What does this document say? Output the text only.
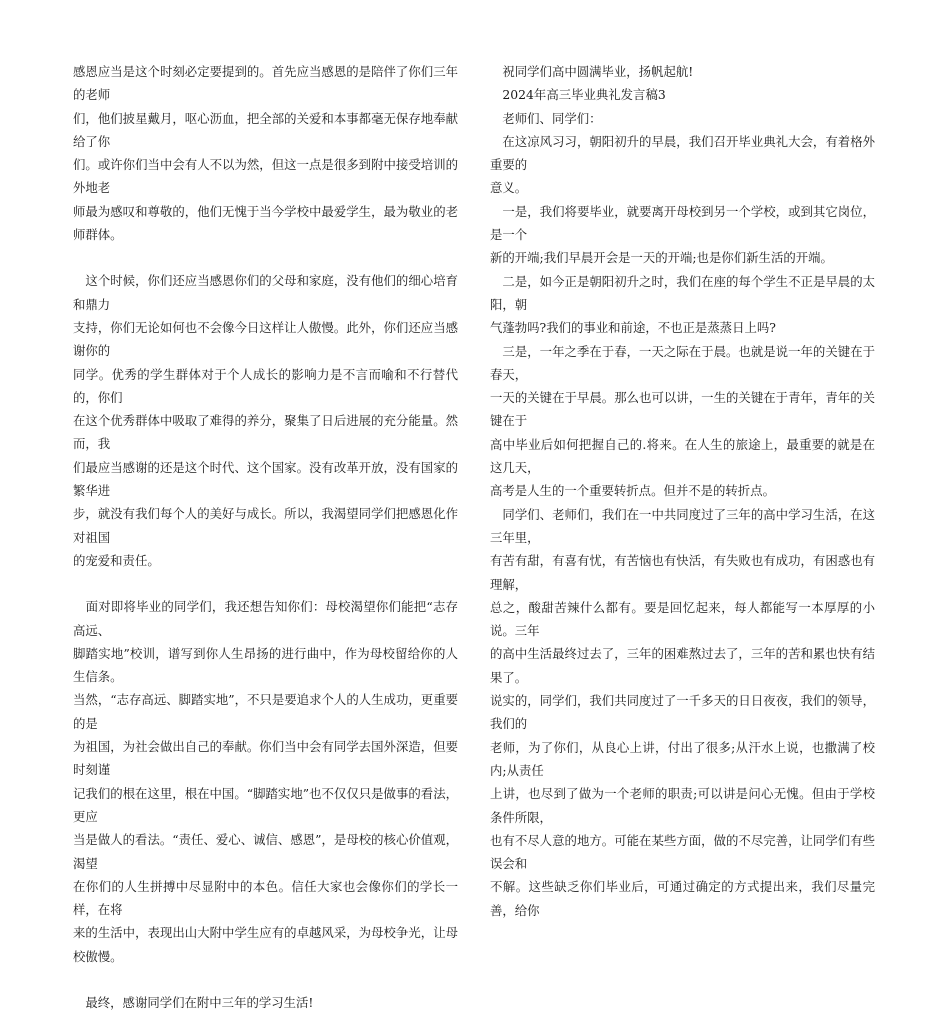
感恩应当是这个时刻必定要提到的。首先应当感恩的是陪伴了你们三年的老师
们，他们披星戴月，呕心沥血，把全部的关爱和本事都毫无保存地奉献给了你
们。或许你们当中会有人不以为然，但这一点是很多到附中接受培训的外地老
师最为感叹和尊敬的，他们无愧于当今学校中最爱学生，最为敬业的老师群体。
　这个时候，你们还应当感恩你们的父母和家庭，没有他们的细心培育和鼎力
支持，你们无论如何也不会像今日这样让人傲慢。此外，你们还应当感谢你的
同学。优秀的学生群体对于个人成长的影响力是不言而喻和不行替代的，你们
在这个优秀群体中吸取了难得的养分，聚集了日后进展的充分能量。然而，我
们最应当感谢的还是这个时代、这个国家。没有改革开放，没有国家的繁华进
步，就没有我们每个人的美好与成长。所以，我渴望同学们把感恩化作对祖国
的宠爱和责任。
　面对即将毕业的同学们，我还想告知你们：母校渴望你们能把“志存高远、
脚踏实地”校训，谱写到你人生昂扬的进行曲中，作为母校留给你的人生信条。
当然，“志存高远、脚踏实地”，不只是要追求个人的人生成功，更重要的是
为祖国，为社会做出自己的奉献。你们当中会有同学去国外深造，但要时刻谨
记我们的根在这里，根在中国。“脚踏实地”也不仅仅只是做事的看法，更应
当是做人的看法。“责任、爱心、诚信、感恩”，是母校的核心价值观，渴望
在你们的人生拼搏中尽显附中的本色。信任大家也会像你们的学长一样，在将
来的生活中，表现出山大附中学生应有的卓越风采，为母校争光，让母校傲慢。
　最终，感谢同学们在附中三年的学习生活!
　祝同学们高中圆满毕业，扬帆起航!
　2024年高三毕业典礼发言稿3
　老师们、同学们：
　在这凉风习习，朝阳初升的早晨，我们召开毕业典礼大会，有着格外重要的
意义。
　一是，我们将要毕业，就要离开母校到另一个学校，或到其它岗位，是一个
新的开端;我们早晨开会是一天的开端;也是你们新生活的开端。
　二是，如今正是朝阳初升之时，我们在座的每个学生不正是早晨的太阳，朝
气蓬勃吗?我们的事业和前途，不也正是蒸蒸日上吗?
　三是，一年之季在于春，一天之际在于晨。也就是说一年的关键在于春天，
一天的关键在于早晨。那么也可以讲，一生的关键在于青年，青年的关键在于
高中毕业后如何把握自己的.将来。在人生的旅途上，最重要的就是在这几天，
高考是人生的一个重要转折点。但并不是的转折点。
　同学们、老师们，我们在一中共同度过了三年的高中学习生活，在这三年里，
有苦有甜，有喜有忧，有苦恼也有快活，有失败也有成功，有困惑也有理解，
总之，酸甜苦辣什么都有。要是回忆起来，每人都能写一本厚厚的小说。三年
的高中生活最终过去了，三年的困难熬过去了，三年的苦和累也快有结果了。
说实的，同学们，我们共同度过了一千多天的日日夜夜，我们的领导，我们的
老师，为了你们，从良心上讲，付出了很多;从汗水上说，也撒满了校内;从责任
上讲，也尽到了做为一个老师的职责;可以讲是问心无愧。但由于学校条件所限，
也有不尽人意的地方。可能在某些方面，做的不尽完善，让同学们有些误会和
不解。这些缺乏你们毕业后，可通过确定的方式提出来，我们尽量完善，给你
